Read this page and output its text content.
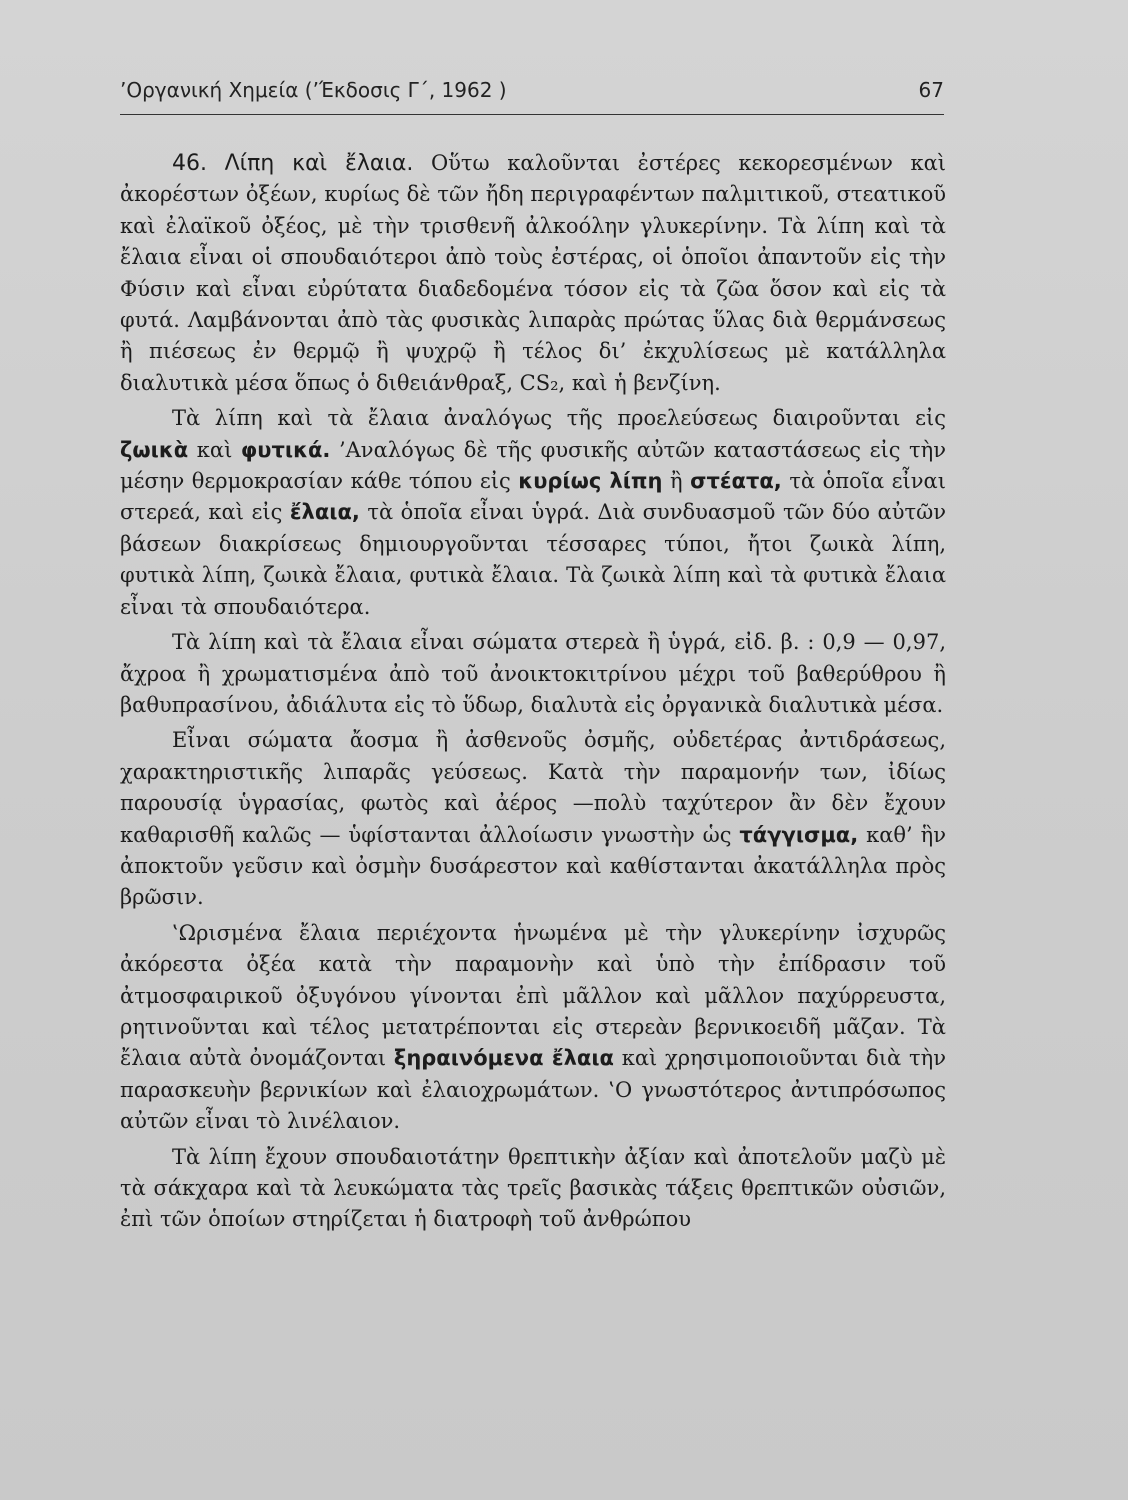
’Οργανική Χημεία (’Έκδοσις Γ΄, 1962 )	67

46. Λίπη καὶ ἔλαια. Οὕτω καλοῦνται ἐστέρες κεκορεσμένων καὶ ἀκορέστων ὀξέων, κυρίως δὲ τῶν ἤδη περιγραφέντων παλμιτικοῦ, στεατικοῦ καὶ ἐλαϊκοῦ ὀξέος, μὲ τὴν τρισθενῆ ἀλκοόλην γλυκερίνην. Τὰ λίπη καὶ τὰ ἔλαια εἶναι οἱ σπουδαιότεροι ἀπὸ τοὺς ἐστέρας, οἱ ὁποῖοι ἀπαντοῦν εἰς τὴν Φύσιν καὶ εἶναι εὐρύτατα διαδεδομένα τόσον εἰς τὰ ζῶα ὅσον καὶ εἰς τὰ φυτά. Λαμβάνονται ἀπὸ τὰς φυσικὰς λιπαρὰς πρώτας ὕλας διὰ θερμάνσεως ἢ πιέσεως ἐν θερμῷ ἢ ψυχρῷ ἢ τέλος δι’ ἐκχυλίσεως μὲ κατάλληλα διαλυτικὰ μέσα ὅπως ὁ διθειάνθραξ, CS₂, καὶ ἡ βενζίνη.

Τὰ λίπη καὶ τὰ ἔλαια ἀναλόγως τῆς προελεύσεως διαιροῦνται εἰς ζωικὰ καὶ φυτικά. ’Αναλόγως δὲ τῆς φυσικῆς αὐτῶν καταστάσεως εἰς τὴν μέσην θερμοκρασίαν κάθε τόπου εἰς κυρίως λίπη ἢ στέατα, τὰ ὁποῖα εἶναι στερεά, καὶ εἰς ἔλαια, τὰ ὁποῖα εἶναι ὑγρά. Διὰ συνδυασμοῦ τῶν δύο αὐτῶν βάσεων διακρίσεως δημιουργοῦνται τέσσαρες τύποι, ἤτοι ζωικὰ λίπη, φυτικὰ λίπη, ζωικὰ ἔλαια, φυτικὰ ἔλαια. Τὰ ζωικὰ λίπη καὶ τὰ φυτικὰ ἔλαια εἶναι τὰ σπουδαιότερα.

Τὰ λίπη καὶ τὰ ἔλαια εἶναι σώματα στερεὰ ἢ ὑγρά, εἰδ. β. : 0,9 — 0,97, ἄχροα ἢ χρωματισμένα ἀπὸ τοῦ ἀνοικτοκιτρίνου μέχρι τοῦ βαθερύθρου ἢ βαθυπρασίνου, ἀδιάλυτα εἰς τὸ ὕδωρ, διαλυτὰ εἰς ὀργανικὰ διαλυτικὰ μέσα.

Εἶναι σώματα ἄοσμα ἢ ἀσθενοῦς ὀσμῆς, οὐδετέρας ἀντιδράσεως, χαρακτηριστικῆς λιπαρᾶς γεύσεως. Κατὰ τὴν παραμονήν των, ἰδίως παρουσίᾳ ὑγρασίας, φωτὸς καὶ ἀέρος —πολὺ ταχύτερον ἂν δὲν ἔχουν καθαρισθῆ καλῶς — ὑφίστανται ἀλλοίωσιν γνωστὴν ὡς τάγγισμα, καθ’ ἣν ἀποκτοῦν γεῦσιν καὶ ὀσμὴν δυσάρεστον καὶ καθίστανται ἀκατάλληλα πρὸς βρῶσιν.

‛Ωρισμένα ἔλαια περιέχοντα ἡνωμένα μὲ τὴν γλυκερίνην ἰσχυρῶς ἀκόρεστα ὀξέα κατὰ τὴν παραμονὴν καὶ ὑπὸ τὴν ἐπίδρασιν τοῦ ἀτμοσφαιρικοῦ ὀξυγόνου γίνονται ἐπὶ μᾶλλον καὶ μᾶλλον παχύρρευστα, ρητινοῦνται καὶ τέλος μετατρέπονται εἰς στερεὰν βερνικοειδῆ μᾶζαν. Τὰ ἔλαια αὐτὰ ὀνομάζονται ξηραινόμενα ἔλαια καὶ χρησιμοποιοῦνται διὰ τὴν παρασκευὴν βερνικίων καὶ ἐλαιοχρωμάτων. ‛Ο γνωστότερος ἀντιπρόσωπος αὐτῶν εἶναι τὸ λινέλαιον.

Τὰ λίπη ἔχουν σπουδαιοτάτην θρεπτικὴν ἀξίαν καὶ ἀποτελοῦν μαζὺ μὲ τὰ σάκχαρα καὶ τὰ λευκώματα τὰς τρεῖς βασικὰς τάξεις θρεπτικῶν οὐσιῶν, ἐπὶ τῶν ὁποίων στηρίζεται ἡ διατροφὴ τοῦ ἀνθρώπου
